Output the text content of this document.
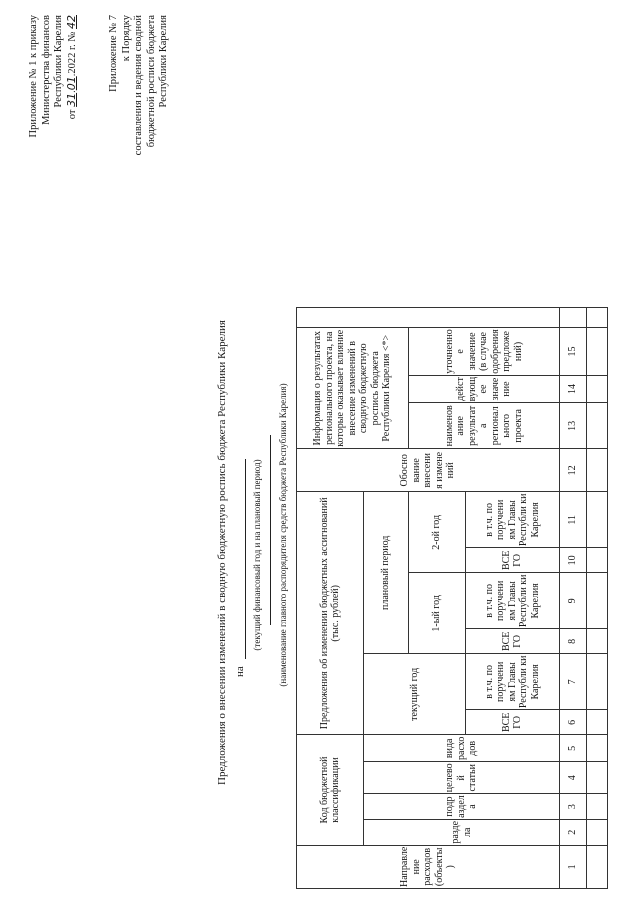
Приложение № 1 к приказу Министерства финансов Республики Карелия
от 31.01.2022 г. № 42	Приложение № 7 к Порядку составления и ведения сводной бюджетной росписи бюджета Республики Карелия
Предложения о внесении изменений в сводную бюджетную роспись бюджета Республики Карелия на
(текущий финансовый год и на плановый период) (наименование главного распорядителя средств бюджета Республики Карелия)
Направле ние расходов (объекты )	Код бюджетной классификации				Предложения об изменении бюджетных ассигнований (тыс. рублей)						Обосно вание внесени я измене ний	Информация о результатах регионального проекта, на которые оказывает влияние внесение изменений в сводную бюджетную роспись бюджета Республики Карелия <*>			
	разде ла	подр аздел а	целево й статьи	вида расхо дов	текущий год		плановый период								
							1-ый год		2-ой год			наименов ание результат а регионал ьного проекта	дейст вующ ее значе ние	уточненно е значение (в случае одобрения предложе ний)	
					ВСЕ ГО	в т.ч. по поручени ям Главы Республи ки Карелия	ВСЕ ГО	в т.ч. по поручени ям Главы Республи ки Карелия	ВСЕ ГО	в т.ч. по поручени ям Главы Республи ки Карелия					
1	2	3	4	5	6	7	8	9	10	11	12	13	14	15	
